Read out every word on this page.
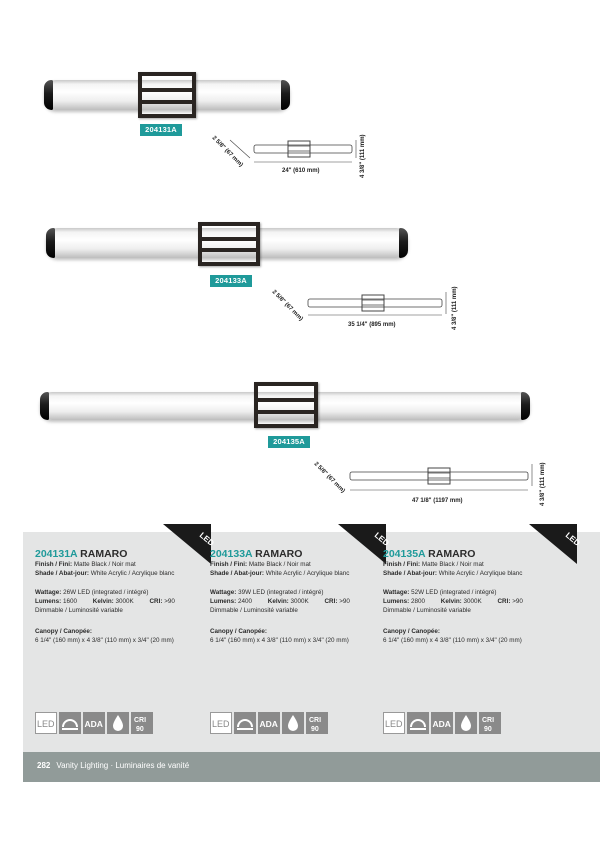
204131A
24" (610 mm)
2 5/8" (67 mm)	4 3/8" (111 mm)
204133A
35 1/4" (895 mm)
2 5/8" (67 mm)	4 3/8" (111 mm)
204135A
47 1/8" (1197 mm)
2 5/8" (67 mm)	4 3/8" (111 mm)
LED
204131A RAMARO
Finish / Fini: Matte Black / Noir mat
Shade / Abat-jour: White Acrylic / Acrylique blanc
Wattage: 26W LED (integrated / intégré)
Lumens: 1600	Kelvin: 3000K	CRI: >90
Dimmable / Luminosité variable
Canopy / Canopée:
6 1/4" (160 mm) x 4 3/8" (110 mm) x 3/4" (20 mm)
LED	ADA	CRI
90
LED
204133A RAMARO
Finish / Fini: Matte Black / Noir mat
Shade / Abat-jour: White Acrylic / Acrylique blanc
Wattage: 39W LED (integrated / intégré)
Lumens: 2400	Kelvin: 3000K	CRI: >90
Dimmable / Luminosité variable
Canopy / Canopée:
6 1/4" (160 mm) x 4 3/8" (110 mm) x 3/4" (20 mm)
LED	ADA	CRI
90
LED
204135A RAMARO
Finish / Fini: Matte Black / Noir mat
Shade / Abat-jour: White Acrylic / Acrylique blanc
Wattage: 52W LED (integrated / intégré)
Lumens: 2800	Kelvin: 3000K	CRI: >90
Dimmable / Luminosité variable
Canopy / Canopée:
6 1/4" (160 mm) x 4 3/8" (110 mm) x 3/4" (20 mm)
LED	ADA	CRI
90
282 Vanity Lighting · Luminaires de vanité
